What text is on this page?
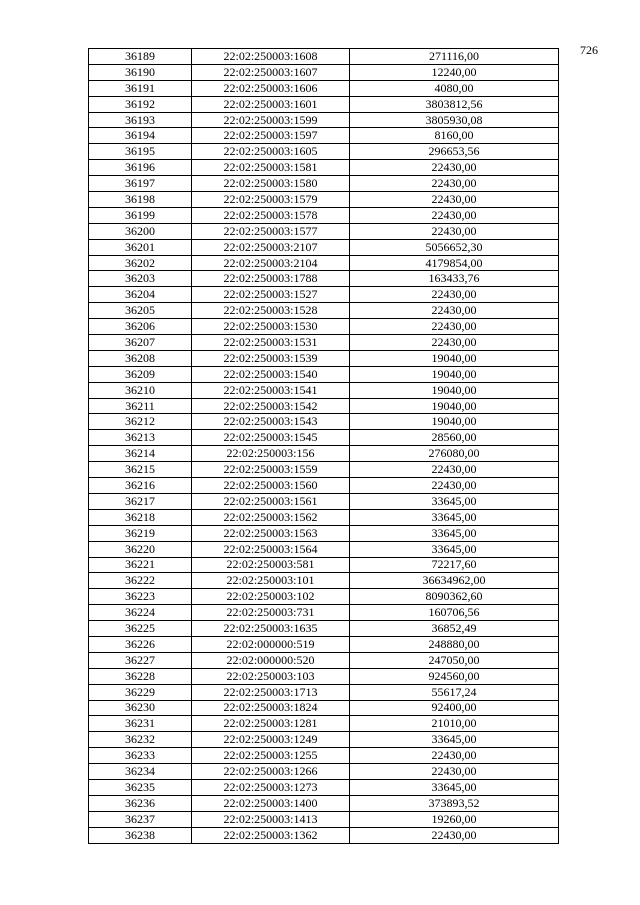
726
36189	22:02:250003:1608	271116,00
36190	22:02:250003:1607	12240,00
36191	22:02:250003:1606	4080,00
36192	22:02:250003:1601	3803812,56
36193	22:02:250003:1599	3805930,08
36194	22:02:250003:1597	8160,00
36195	22:02:250003:1605	296653,56
36196	22:02:250003:1581	22430,00
36197	22:02:250003:1580	22430,00
36198	22:02:250003:1579	22430,00
36199	22:02:250003:1578	22430,00
36200	22:02:250003:1577	22430,00
36201	22:02:250003:2107	5056652,30
36202	22:02:250003:2104	4179854,00
36203	22:02:250003:1788	163433,76
36204	22:02:250003:1527	22430,00
36205	22:02:250003:1528	22430,00
36206	22:02:250003:1530	22430,00
36207	22:02:250003:1531	22430,00
36208	22:02:250003:1539	19040,00
36209	22:02:250003:1540	19040,00
36210	22:02:250003:1541	19040,00
36211	22:02:250003:1542	19040,00
36212	22:02:250003:1543	19040,00
36213	22:02:250003:1545	28560,00
36214	22:02:250003:156	276080,00
36215	22:02:250003:1559	22430,00
36216	22:02:250003:1560	22430,00
36217	22:02:250003:1561	33645,00
36218	22:02:250003:1562	33645,00
36219	22:02:250003:1563	33645,00
36220	22:02:250003:1564	33645,00
36221	22:02:250003:581	72217,60
36222	22:02:250003:101	36634962,00
36223	22:02:250003:102	8090362,60
36224	22:02:250003:731	160706,56
36225	22:02:250003:1635	36852,49
36226	22:02:000000:519	248880,00
36227	22:02:000000:520	247050,00
36228	22:02:250003:103	924560,00
36229	22:02:250003:1713	55617,24
36230	22:02:250003:1824	92400,00
36231	22:02:250003:1281	21010,00
36232	22:02:250003:1249	33645,00
36233	22:02:250003:1255	22430,00
36234	22:02:250003:1266	22430,00
36235	22:02:250003:1273	33645,00
36236	22:02:250003:1400	373893,52
36237	22:02:250003:1413	19260,00
36238	22:02:250003:1362	22430,00
